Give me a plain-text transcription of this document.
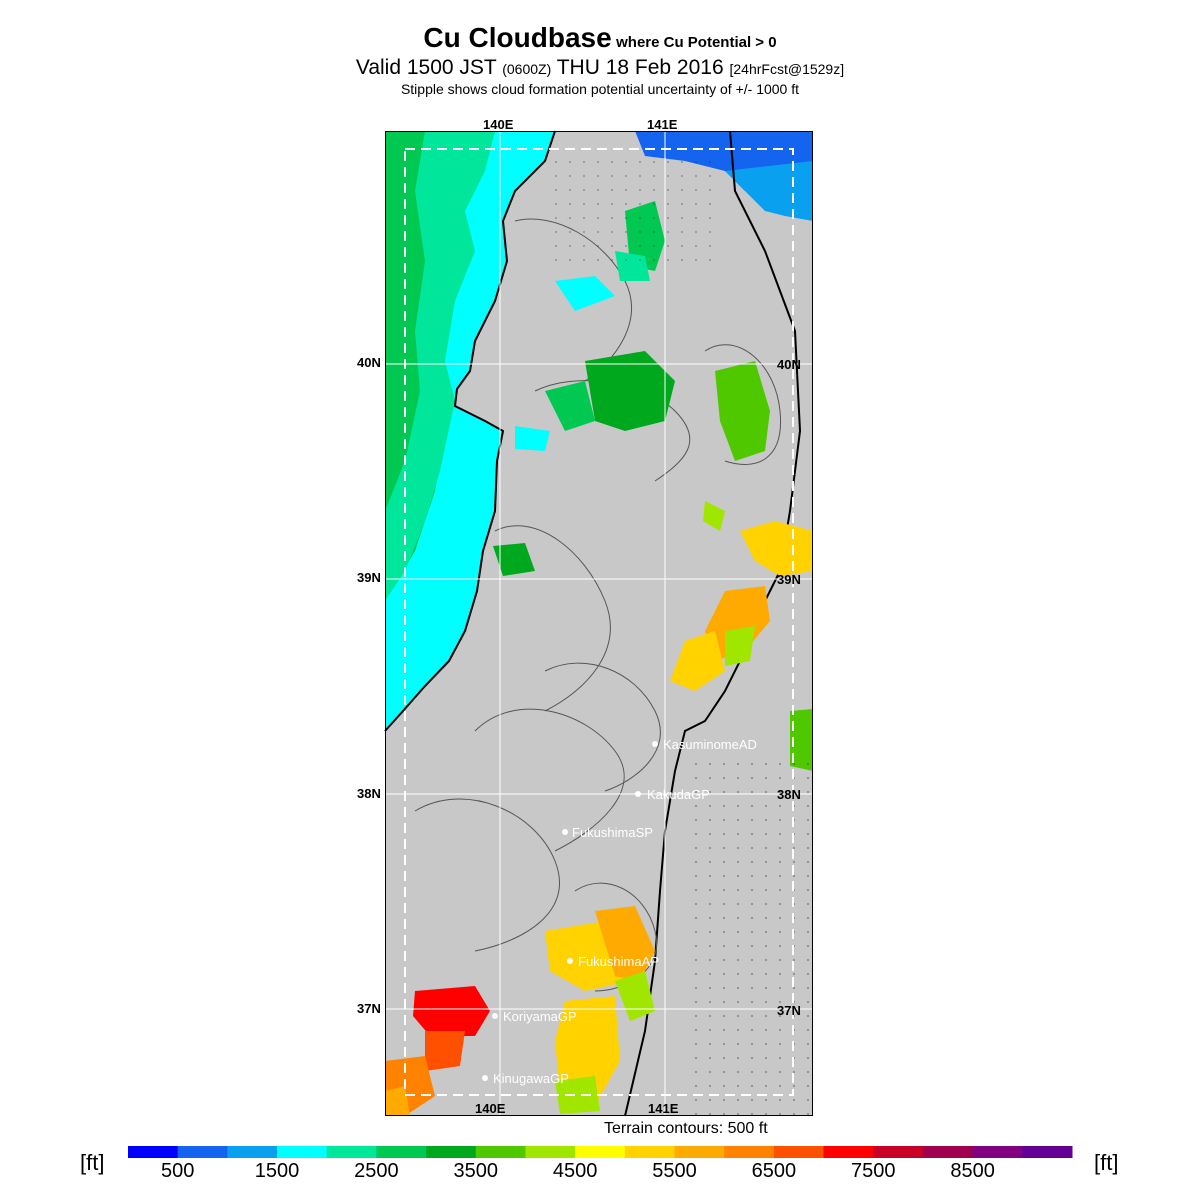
Cu Cloudbase where Cu Potential > 0
Valid 1500 JST (0600Z) THU 18 Feb 2016 [24hrFcst@1529z]
Stipple shows cloud formation potential uncertainty of +/- 1000 ft
140E	141E
140E	141E
40N
39N
38N
37N
KasuminomeAD
KakudaGP
FukushimaSP
FukushimaAP
KoriyamaGP
KinugawaGP
40N
39N
38N
37N
Terrain contours: 500 ft
[ft]	[ft]
500	1500	2500	3500	4500	5500	6500	7500	8500
